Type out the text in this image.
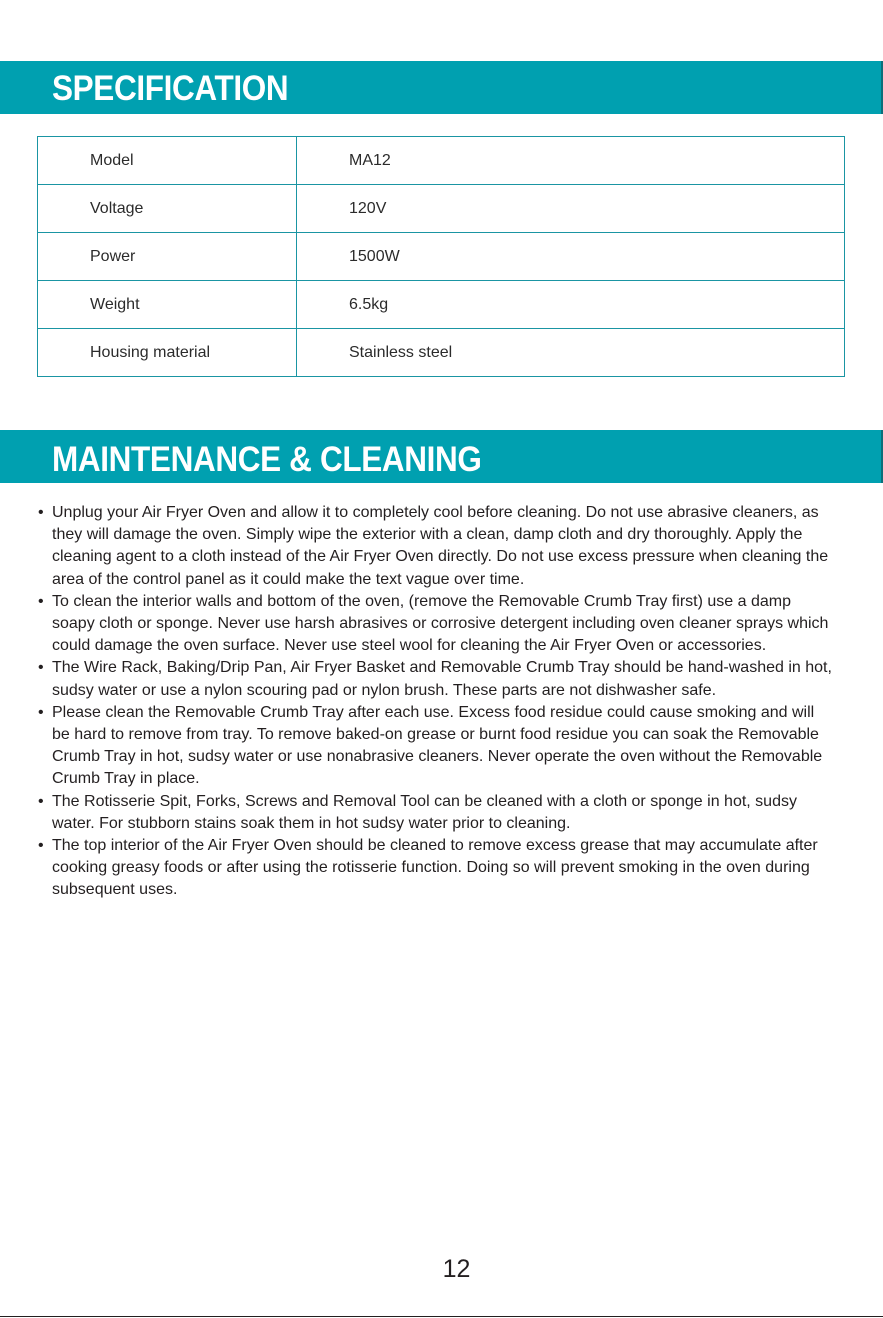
SPECIFICATION
Model	MA12
Voltage	120V
Power	1500W
Weight	6.5kg
Housing material	Stainless steel
MAINTENANCE & CLEANING
• Unplug your Air Fryer Oven and allow it to completely cool before cleaning. Do not use abrasive cleaners, as they will damage the oven. Simply wipe the exterior with a clean, damp cloth and dry thoroughly. Apply the cleaning agent to a cloth instead of the Air Fryer Oven directly. Do not use excess pressure when cleaning the area of the control panel as it could make the text vague over time.
• To clean the interior walls and bottom of the oven, (remove the Removable Crumb Tray first) use a damp soapy cloth or sponge. Never use harsh abrasives or corrosive detergent including oven cleaner sprays which could damage the oven surface. Never use steel wool for cleaning the Air Fryer Oven or accessories.
• The Wire Rack, Baking/Drip Pan, Air Fryer Basket and Removable Crumb Tray should be hand-washed in hot, sudsy water or use a nylon scouring pad or nylon brush. These parts are not dishwasher safe.
• Please clean the Removable Crumb Tray after each use. Excess food residue could cause smoking and will be hard to remove from tray. To remove baked-on grease or burnt food residue you can soak the Removable Crumb Tray in hot, sudsy water or use nonabrasive cleaners. Never operate the oven without the Removable Crumb Tray in place.
• The Rotisserie Spit, Forks, Screws and Removal Tool can be cleaned with a cloth or sponge in hot, sudsy water. For stubborn stains soak them in hot sudsy water prior to cleaning.
• The top interior of the Air Fryer Oven should be cleaned to remove excess grease that may accumulate after cooking greasy foods or after using the rotisserie function. Doing so will prevent smoking in the oven during subsequent uses.
12
